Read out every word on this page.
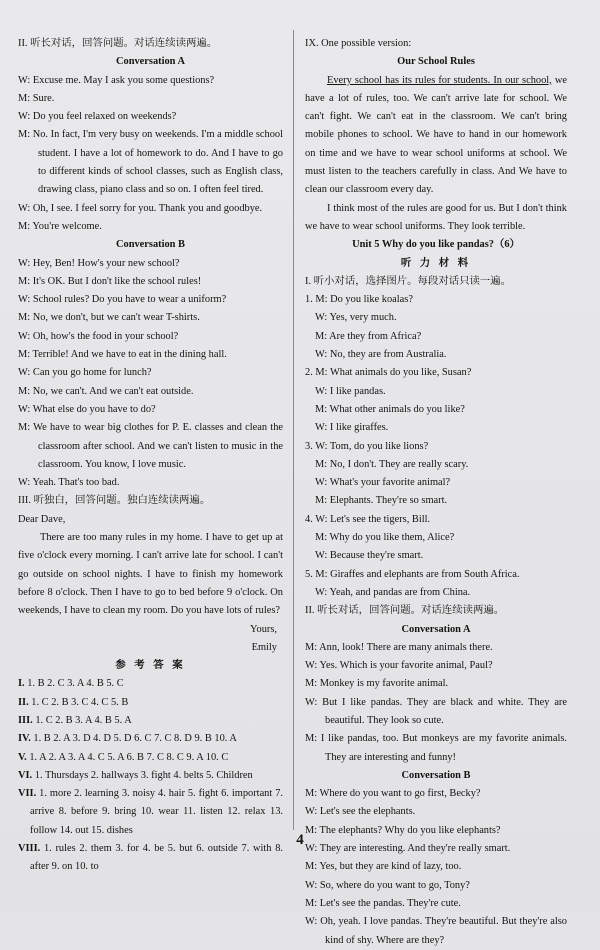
II. 听长对话，回答问题。对话连续读两遍。
Conversation A
W: Excuse me. May I ask you some questions?
M: Sure.
W: Do you feel relaxed on weekends?
M: No. In fact, I'm very busy on weekends. I'm a middle school student. I have a lot of homework to do. And I have to go to different kinds of school classes, such as English class, drawing class, piano class and so on. I often feel tired.
W: Oh, I see. I feel sorry for you. Thank you and goodbye.
M: You're welcome.
Conversation B
W: Hey, Ben! How's your new school?
M: It's OK. But I don't like the school rules!
W: School rules? Do you have to wear a uniform?
M: No, we don't, but we can't wear T-shirts.
W: Oh, how's the food in your school?
M: Terrible! And we have to eat in the dining hall.
W: Can you go home for lunch?
M: No, we can't. And we can't eat outside.
W: What else do you have to do?
M: We have to wear big clothes for P. E. classes and clean the classroom after school. And we can't listen to music in the classroom. You know, I love music.
W: Yeah. That's too bad.
III. 听独白，回答问题。独白连续读两遍。
Dear Dave,
There are too many rules in my home. I have to get up at five o'clock every morning. I can't arrive late for school. I can't go outside on school nights. I have to finish my homework before 8 o'clock. Then I have to go to bed before 9 o'clock. On weekends, I have to clean my room. Do you have lots of rules?
Yours,
Emily
参 考 答 案
I. 1. B 2. C 3. A 4. B 5. C
II. 1. C 2. B 3. C 4. C 5. B
III. 1. C 2. B 3. A 4. B 5. A
IV. 1. B 2. A 3. D 4. D 5. D 6. C 7. C 8. D 9. B 10. A
V. 1. A 2. A 3. A 4. C 5. A 6. B 7. C 8. C 9. A 10. C
VI. 1. Thursdays 2. hallways 3. fight 4. belts 5. Children
VII. 1. more 2. learning 3. noisy 4. hair 5. fight 6. important 7. arrive 8. before 9. bring 10. wear 11. listen 12. relax 13. follow 14. out 15. dishes
VIII. 1. rules 2. them 3. for 4. be 5. but 6. outside 7. with 8. after 9. on 10. to
IX. One possible version:
Our School Rules
Every school has its rules for students. In our school, we have a lot of rules, too. We can't arrive late for school. We can't fight. We can't eat in the classroom. We can't bring mobile phones to school. We have to hand in our homework on time and we have to wear school uniforms at school. We must listen to the teachers carefully in class. And We have to clean our classroom every day.
I think most of the rules are good for us. But I don't think we have to wear school uniforms. They look terrible.
Unit 5 Why do you like pandas?（6）
听 力 材 料
I. 听小对话，选择图片。每段对话只读一遍。
1. M: Do you like koalas?
W: Yes, very much.
M: Are they from Africa?
W: No, they are from Australia.
2. M: What animals do you like, Susan?
W: I like pandas.
M: What other animals do you like?
W: I like giraffes.
3. W: Tom, do you like lions?
M: No, I don't. They are really scary.
W: What's your favorite animal?
M: Elephants. They're so smart.
4. W: Let's see the tigers, Bill.
M: Why do you like them, Alice?
W: Because they're smart.
5. M: Giraffes and elephants are from South Africa.
W: Yeah, and pandas are from China.
II. 听长对话，回答问题。对话连续读两遍。
Conversation A
M: Ann, look! There are many animals there.
W: Yes. Which is your favorite animal, Paul?
M: Monkey is my favorite animal.
W: But I like pandas. They are black and white. They are beautiful. They look so cute.
M: I like pandas, too. But monkeys are my favorite animals. They are interesting and funny!
Conversation B
M: Where do you want to go first, Becky?
W: Let's see the elephants.
M: The elephants? Why do you like elephants?
W: They are interesting. And they're really smart.
M: Yes, but they are kind of lazy, too.
W: So, where do you want to go, Tony?
M: Let's see the pandas. They're cute.
W: Oh, yeah. I love pandas. They're beautiful. But they're also kind of shy. Where are they?
4
